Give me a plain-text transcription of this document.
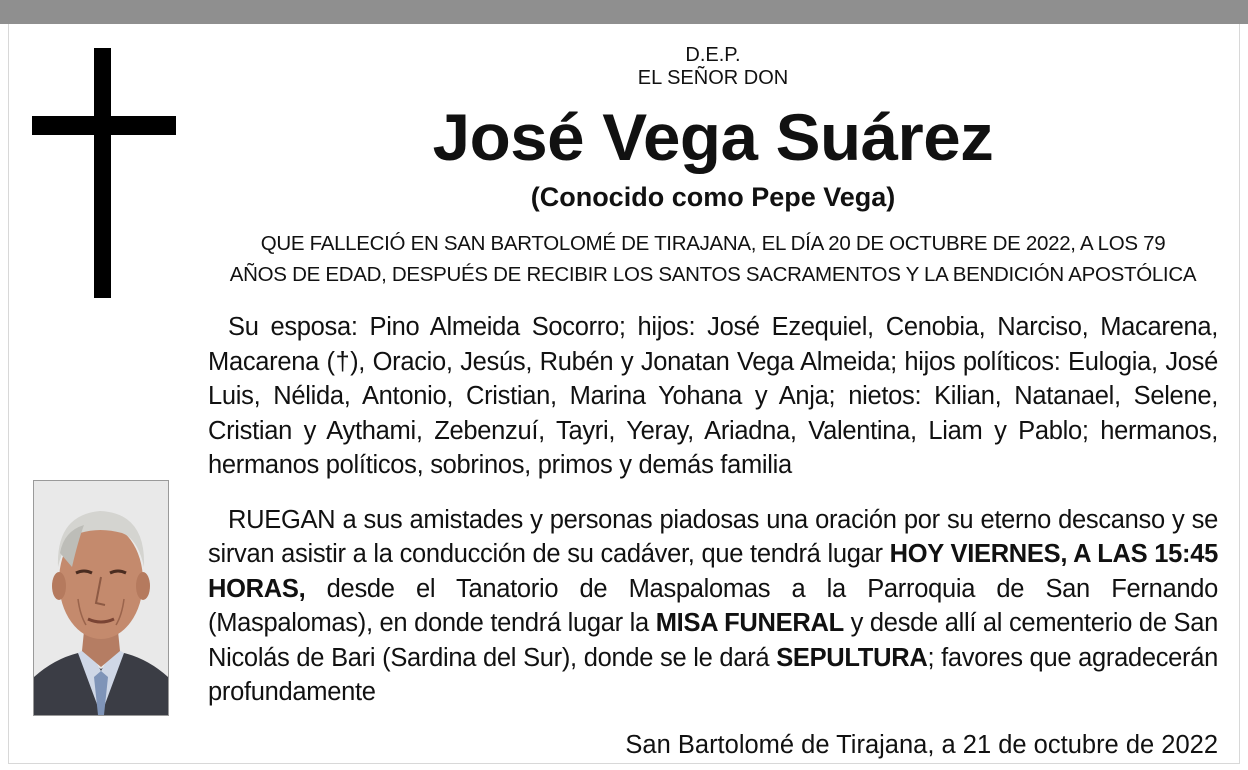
D.E.P.
EL SEÑOR DON
José Vega Suárez
(Conocido como Pepe Vega)
QUE FALLECIÓ EN SAN BARTOLOMÉ DE TIRAJANA, EL DÍA 20 DE OCTUBRE DE 2022, A LOS 79
AÑOS DE EDAD, DESPUÉS DE RECIBIR LOS SANTOS SACRAMENTOS Y LA BENDICIÓN APOSTÓLICA

Su esposa: Pino Almeida Socorro; hijos: José Ezequiel, Cenobia, Narciso, Macarena, Macarena (†), Oracio, Jesús, Rubén y Jonatan Vega Almeida; hijos políticos: Eulogia, José Luis, Nélida, Antonio, Cristian, Marina Yohana y Anja; nietos: Kilian, Natanael, Selene, Cristian y Aythami, Zebenzuí, Tayri, Yeray, Ariadna, Valentina, Liam y Pablo; hermanos, hermanos políticos, sobrinos, primos y demás familia

RUEGAN a sus amistades y personas piadosas una oración por su eterno descanso y se sirvan asistir a la conducción de su cadáver, que tendrá lugar HOY VIERNES, A LAS 15:45 HORAS, desde el Tanatorio de Maspalomas a la Parroquia de San Fernando (Maspalomas), en donde tendrá lugar la MISA FUNERAL y desde allí al cementerio de San Nicolás de Bari (Sardina del Sur), donde se le dará SEPULTURA; favores que agradecerán profundamente

San Bartolomé de Tirajana, a 21 de octubre de 2022
